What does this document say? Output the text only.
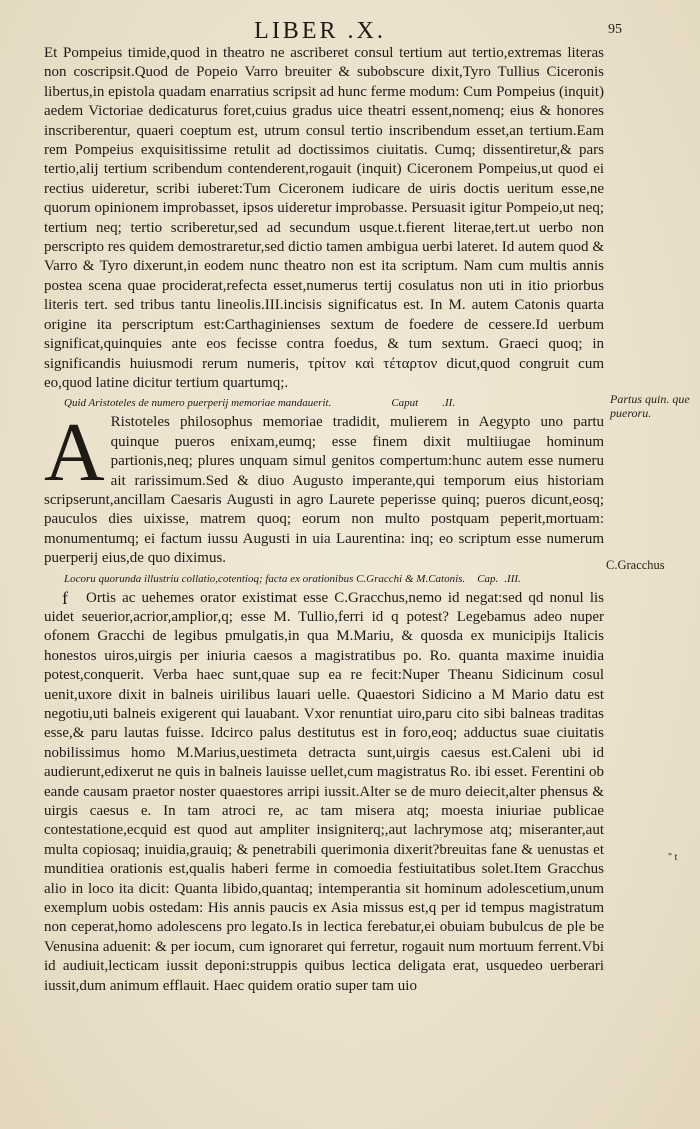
LIBER .X.	95

Et Pompeius timide,quod in theatro ne ascriberet consul tertium aut tertio,extremas literas non coscripsit.Quod de Popeio Varro breuiter & subobscure dixit,Tyro Tullius Ciceronis libertus,in epistola quadam enarratius scripsit ad hunc ferme modum: Cum Pompeius (inquit) aedem Victoriae dedicaturus foret,cuius gradus uice theatri essent,nomenq; eius & honores inscriberentur, quaeri coeptum est, utrum consul tertio inscribendum esset,an tertium.Eam rem Pompeius exquisitissime retulit ad doctissimos ciuitatis. Cumq; dissentiretur,& pars tertio,alij tertium scribendum contenderent,rogauit (inquit) Ciceronem Pompeius,ut quod ei rectius uideretur, scribi iuberet:Tum Ciceronem iudicare de uiris doctis ueritum esse,ne quorum opinionem improbasset, ipsos uideretur improbasse. Persuasit igitur Pompeio,ut neq; tertium neq; tertio scriberetur,sed ad secundum usque.t.fierent literae,tert.ut uerbo non perscripto res quidem demostraretur,sed dictio tamen ambigua uerbi lateret. Id autem quod & Varro & Tyro dixerunt,in eodem nunc theatro non est ita scriptum. Nam cum multis annis postea scena quae prociderat,refecta esset,numerus tertij cosulatus non uti in itio priorbus literis tert. sed tribus tantu lineolis.III.incisis significatus est. In M. autem Catonis quarta origine ita perscriptum est:Carthaginienses sextum de foedere de cessere.Id uerbum significat,quinquies ante eos fecisse contra foedus, & tum sextum. Graeci quoq; in significandis huiusmodi rerum numeris, τρίτον καὶ τέταρτον dicut,quod congruit cum eo,quod latine dicitur tertium quartumq;.

Quid Aristoteles de numero puerperij memoriae mandauerit.	Caput .II.

A Ristoteles philosophus memoriae tradidit, mulierem in Aegypto uno partu quinque pueros enixam,eumq; esse finem dixit multiiugae hominum partionis,neq; plures unquam simul genitos compertum:hunc autem esse numeru ait rarissimum.Sed & diuo Augusto imperante,qui temporum eius historiam scripserunt,ancillam Caesaris Augusti in agro Laurete peperisse quinq; pueros dicunt,eosq; pauculos dies uixisse, matrem quoq; eorum non multo postquam peperit,mortuam: monumentumq; ei factum iussu Augusti in uia Laurentina: inq; eo scriptum esse numerum puerperij eius,de quo diximus.

Locoru quorunda illustriu collatio,cotentioq; facta ex orationibus C.Gracchi & M.Catonis. Cap. .III.

f Ortis ac uehemes orator existimat esse C.Gracchus,nemo id negat:sed qd nonul lis uidet seuerior,acrior,amplior,q; esse M. Tullio,ferri id q potest? Legebamus adeo nuper ofonem Gracchi de legibus pmulgatis,in qua M.Mariu, & quosda ex municipijs Italicis honestos uiros,uirgis per iniuria caesos a magistratibus po. Ro. quanta maxime inuidia potest,conquerit. Verba haec sunt,quae sup ea re fecit:Nuper Theanu Sidicinum cosul uenit,uxore dixit in balneis uirilibus lauari uelle. Quaestori Sidicino a M Mario datu est negotiu,uti balneis exigerent qui lauabant. Vxor renuntiat uiro,paru cito sibi balneas traditas esse,& paru lautas fuisse. Idcirco palus destitutus est in foro,eoq; adductus suae ciuitatis nobilissimus homo M.Marius,uestimeta detracta sunt,uirgis caesus est.Caleni ubi id audierunt,edixerut ne quis in balneis lauisse uellet,cum magistratus Ro. ibi esset. Ferentini ob eande causam praetor noster quaestores arripi iussit.Alter se de muro deiecit,alter phensus & uirgis caesus e. In tam atroci re, ac tam misera atq; moesta iniuriae publicae contestatione,ecquid est quod aut ampliter insigniterq;,aut lachrymose atq; miseranter,aut multa copiosaq; inuidia,grauiq; & penetrabili querimonia dixerit?breuitas fane & uenustas et munditiea orationis est,qualis haberi ferme in comoedia festiuitatibus solet.Item Gracchus alio in loco ita dicit: Quanta libido,quantaq; intemperantia sit hominum adolescetium,unum exemplum uobis ostedam: His annis paucis ex Asia missus est,q per id tempus magistratum non ceperat,homo adolescens pro legato.Is in lectica ferebatur,ei obuiam bubulcus de ple be Venusina aduenit: & per iocum, cum ignoraret qui ferretur, rogauit num mortuum ferrent.Vbi id audiuit,lecticam iussit deponi:struppis quibus lectica deligata erat, usquedeo uerberari iussit,dum animum efflauit. Haec quidem oratio super tam uio

Partus quin. que pueroru.
C.Gracchus
" t
